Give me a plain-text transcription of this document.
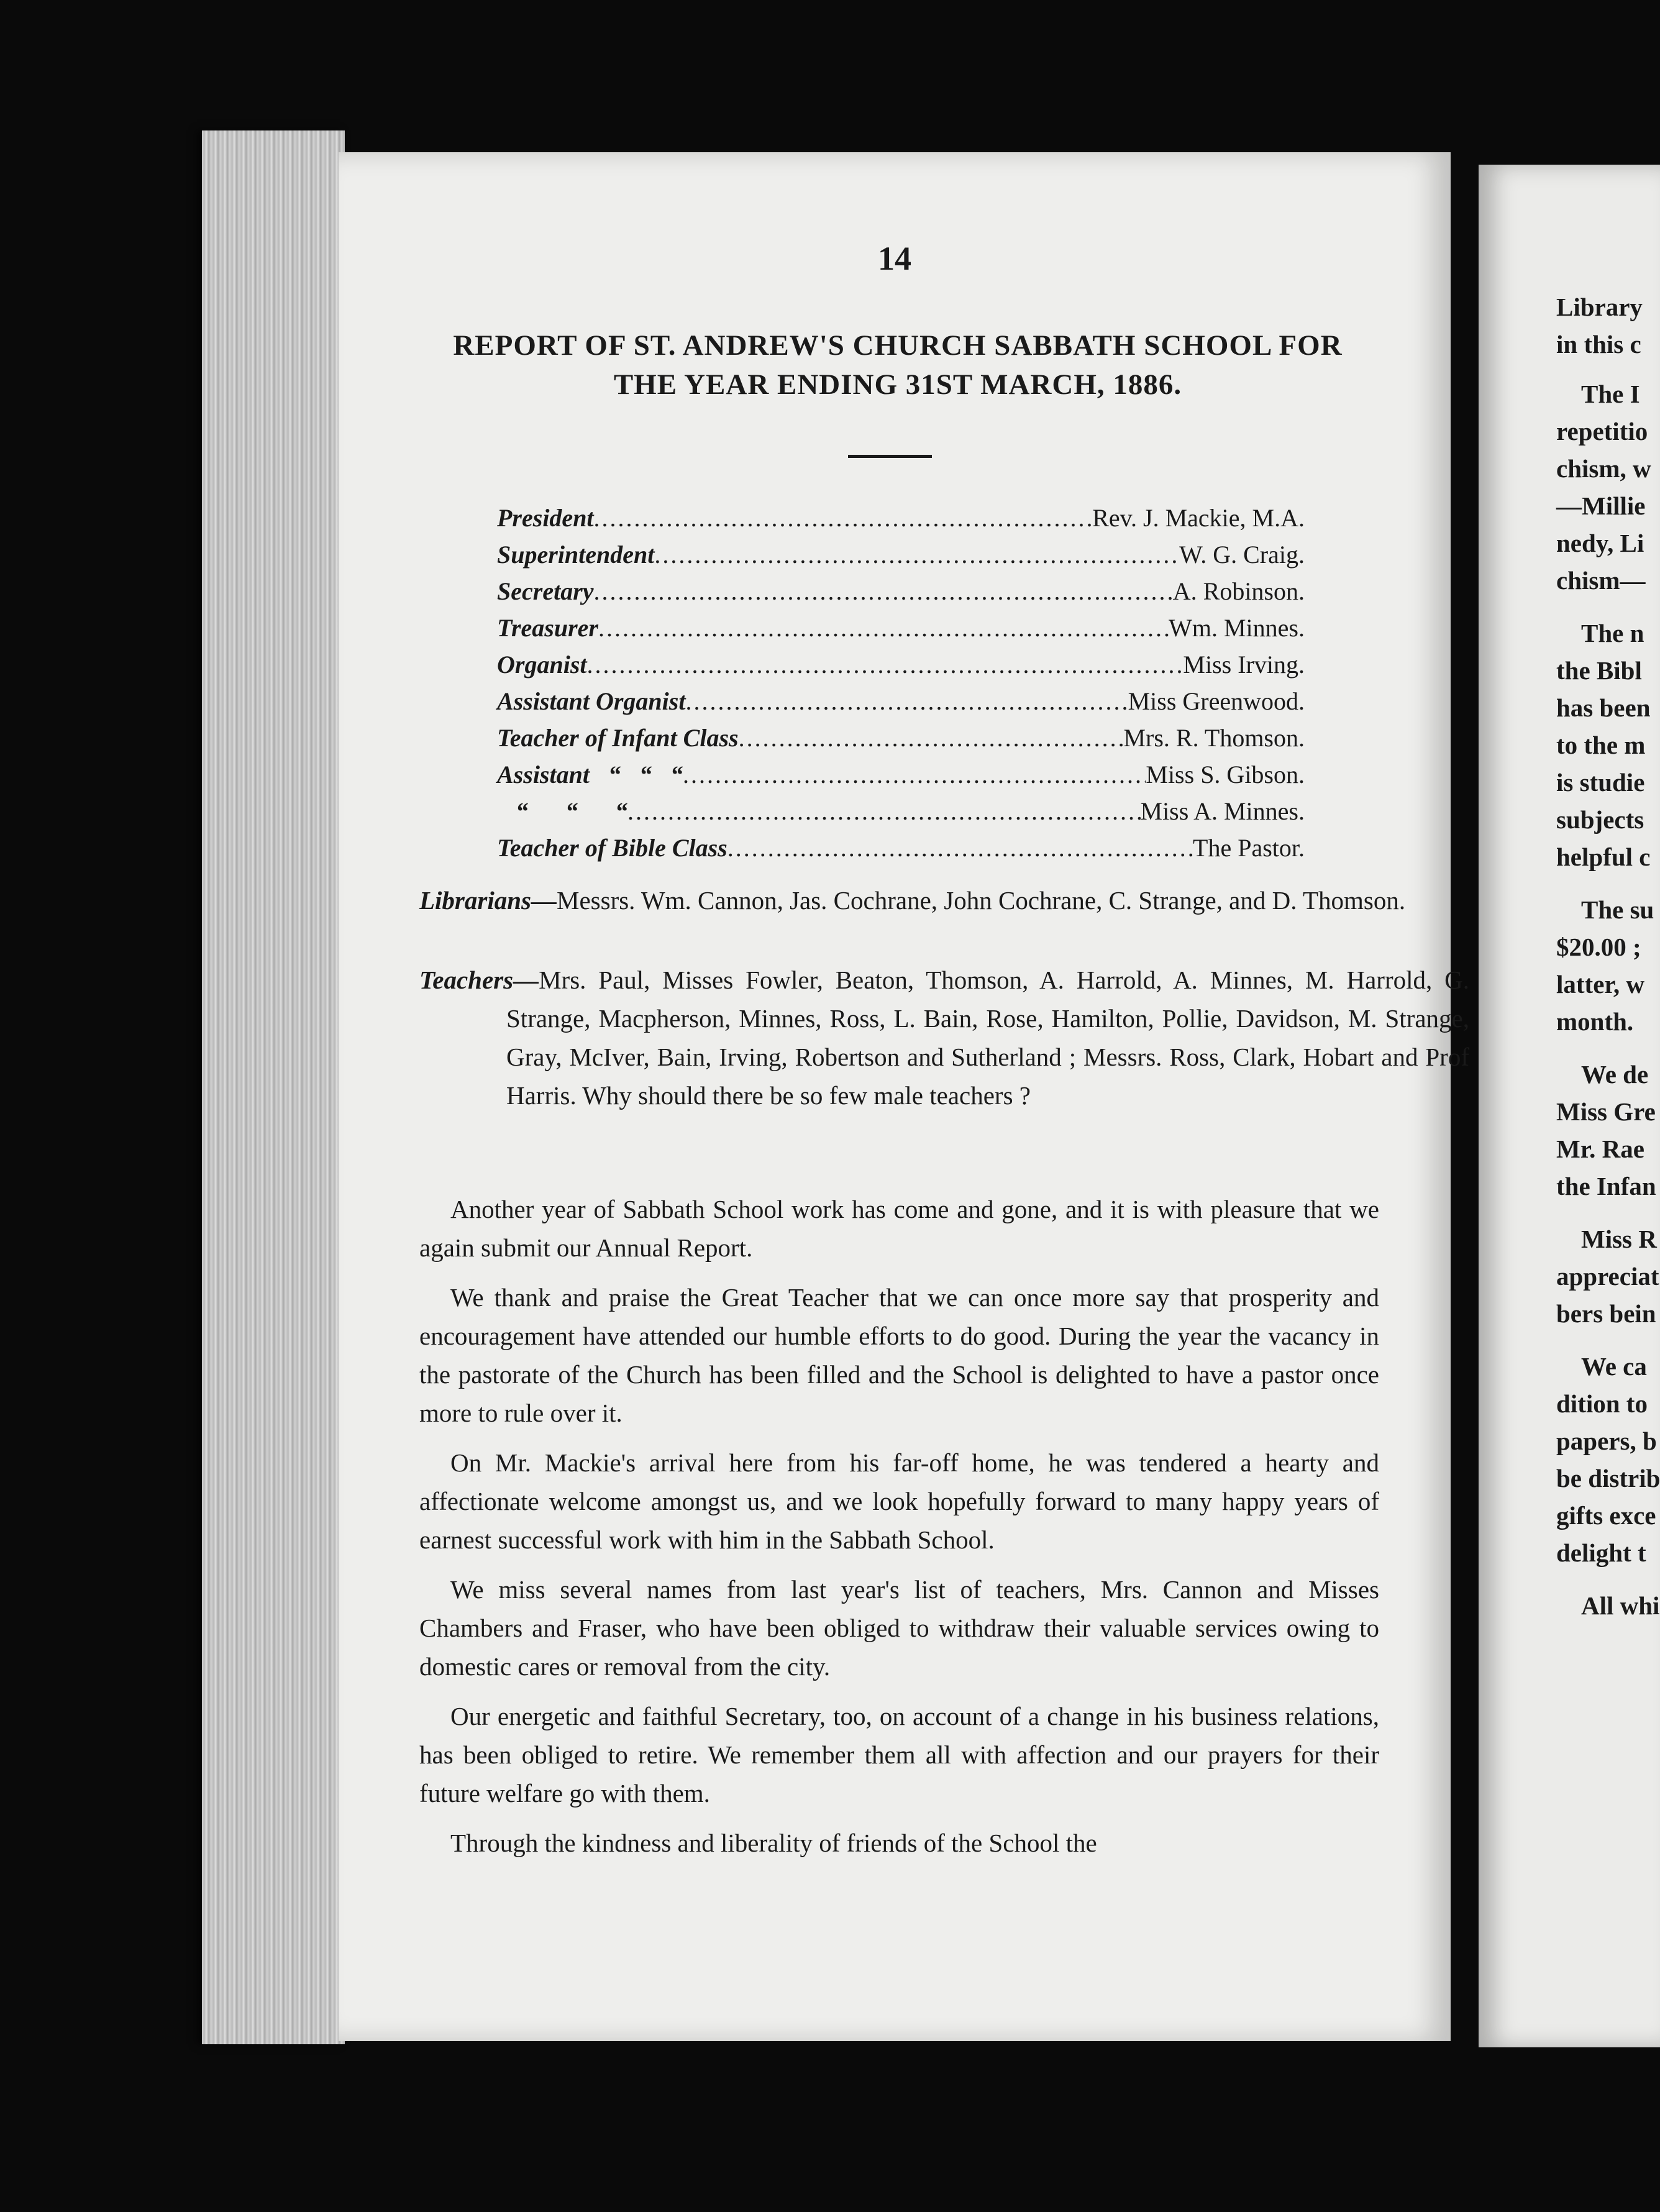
14
REPORT OF ST. ANDREW'S CHURCH SABBATH SCHOOL FOR
THE YEAR ENDING 31ST MARCH, 1886.
President .....	Rev. J. Mackie, M.A.
Superintendent .....	W. G. Craig.
Secretary .....	A. Robinson.
Treasurer .....	Wm. Minnes.
Organist .....	Miss Irving.
Assistant Organist .....	Miss Greenwood.
Teacher of Infant Class .....	Mrs. R. Thomson.
Assistant   “   “   “ .....	Miss S. Gibson.
“      “      “ .....	Miss A. Minnes.
Teacher of Bible Class .....	The Pastor.
Librarians—Messrs. Wm. Cannon, Jas. Cochrane, John Cochrane, C. Strange, and D. Thomson.
Teachers—Mrs. Paul, Misses Fowler, Beaton, Thomson, A. Harrold, A. Minnes, M. Harrold, G. Strange, Macpherson, Minnes, Ross, L. Bain, Rose, Hamilton, Pollie, Davidson, M. Strange, Gray, McIver, Bain, Irving, Robertson and Sutherland ; Messrs. Ross, Clark, Hobart and Prof Harris. Why should there be so few male teachers ?

Another year of Sabbath School work has come and gone, and it is with pleasure that we again submit our Annual Report.

We thank and praise the Great Teacher that we can once more say that prosperity and encouragement have attended our humble efforts to do good. During the year the vacancy in the pastorate of the Church has been filled and the School is delighted to have a pastor once more to rule over it.

On Mr. Mackie's arrival here from his far-off home, he was tendered a hearty and affectionate welcome amongst us, and we look hopefully forward to many happy years of earnest successful work with him in the Sabbath School.

We miss several names from last year's list of teachers, Mrs. Cannon and Misses Chambers and Fraser, who have been obliged to withdraw their valuable services owing to domestic cares or removal from the city.

Our energetic and faithful Secretary, too, on account of a change in his business relations, has been obliged to retire. We remember them all with affection and our prayers for their future welfare go with them.

Through the kindness and liberality of friends of the School the

Library
in this c
The I
repetitio
chism, w
—Millie
nedy, Li
chism—
The n
the Bibl
has been
to the m
is studie
subjects
helpful c
The su
$20.00 ;
latter, w
month.
We de
Miss Gre
Mr. Rae
the Infan
Miss R
appreciat
bers bein
We ca
dition to
papers, b
be distrib
gifts exce
delight t
All whi
